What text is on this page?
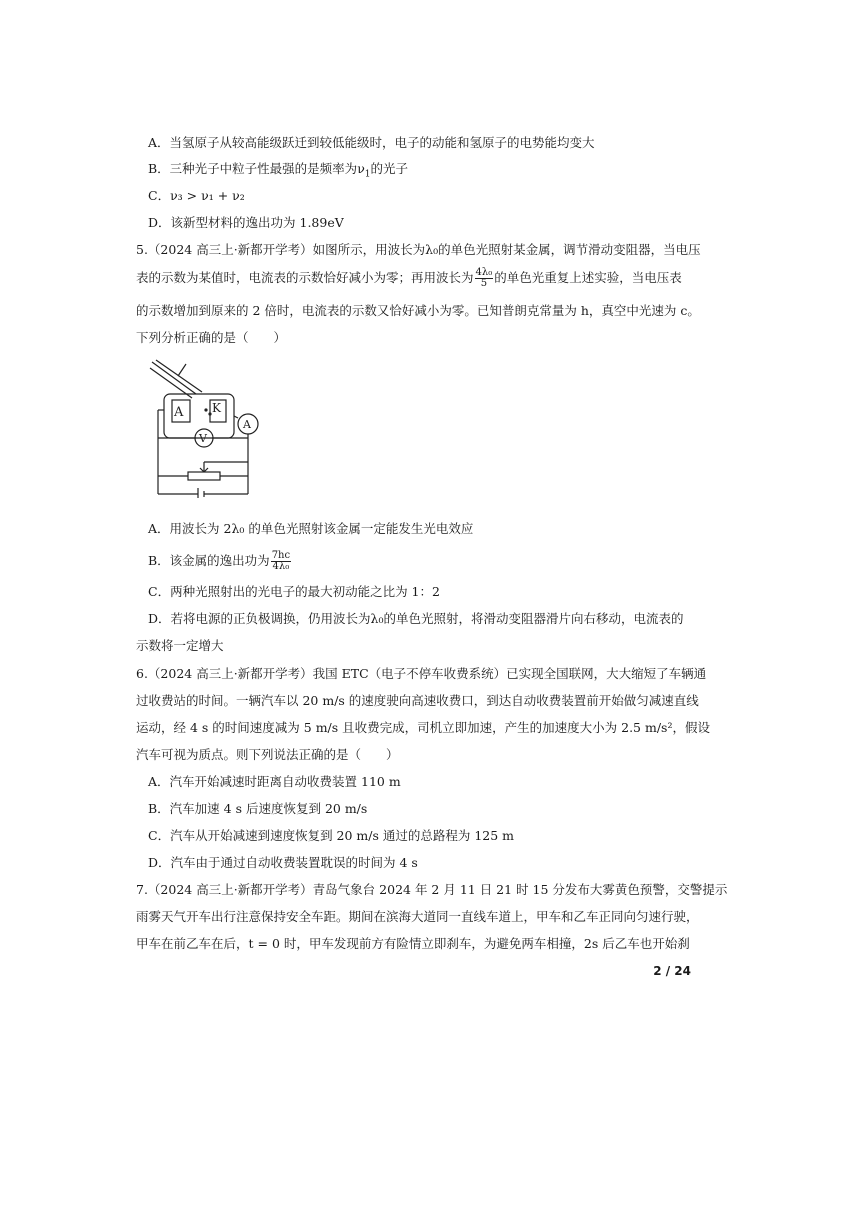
A．当氢原子从较高能级跃迁到较低能级时，电子的动能和氢原子的电势能均变大
B．三种光子中粒子性最强的是频率为$\nu_1$的光子
C．ν₃ > ν₁ + ν₂
D．该新型材料的逸出功为 1.89eV
5.（2024 高三上·新都开学考）如图所示，用波长为λ₀的单色光照射某金属，调节滑动变阻器，当电压
表的示数为某值时，电流表的示数恰好减小为零；再用波长为 $\frac{\text{4λ₀}}{5}$ 的单色光重复上述实验，当电压表
的示数增加到原来的 2 倍时，电流表的示数又恰好减小为零。已知普朗克常量为 h，真空中光速为 c。
下列分析正确的是（　　）
A K
V
A
A．用波长为 2λ₀ 的单色光照射该金属一定能发生光电效应
B．该金属的逸出功为 $\frac{7hc}{\text{4λ₀}}$
C．两种光照射出的光电子的最大初动能之比为 1：2
D．若将电源的正负极调换，仍用波长为λ₀的单色光照射，将滑动变阻器滑片向右移动，电流表的
示数将一定增大
6.（2024 高三上·新都开学考）我国 ETC（电子不停车收费系统）已实现全国联网，大大缩短了车辆通
过收费站的时间。一辆汽车以 20 m/s 的速度驶向高速收费口，到达自动收费装置前开始做匀减速直线
运动，经 4 s 的时间速度减为 5 m/s 且收费完成，司机立即加速，产生的加速度大小为 2.5 m/s²，假设
汽车可视为质点。则下列说法正确的是（　　）
A．汽车开始减速时距离自动收费装置 110 m
B．汽车加速 4 s 后速度恢复到 20 m/s
C．汽车从开始减速到速度恢复到 20 m/s 通过的总路程为 125 m
D．汽车由于通过自动收费装置耽误的时间为 4 s
7.（2024 高三上·新都开学考）青岛气象台 2024 年 2 月 11 日 21 时 15 分发布大雾黄色预警，交警提示
雨雾天气开车出行注意保持安全车距。期间在滨海大道同一直线车道上，甲车和乙车正同向匀速行驶，
甲车在前乙车在后，t = 0 时，甲车发现前方有险情立即刹车，为避免两车相撞，2s 后乙车也开始刹
2 / 24
